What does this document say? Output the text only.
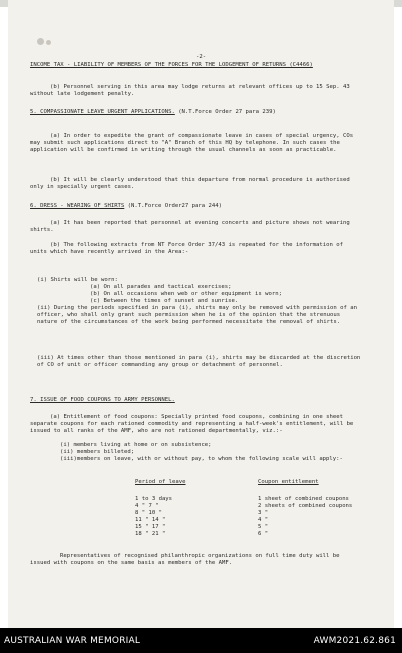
-2-
INCOME TAX - LIABILITY OF MEMBERS OF THE FORCES FOR THE LODGEMENT OF RETURNS (C4466)
(b) Personnel serving in this area may lodge returns at relevant offices up to 15 Sep. 43 without late lodgement penalty.
5. COMPASSIONATE LEAVE URGENT APPLICATIONS. (N.T.Force Order 27 para 239)
(a) In order to expedite the grant of compassionate leave in cases of special urgency, COs may submit such applications direct to "A" Branch of this HQ by telephone. In such cases the application will be confirmed in writing through the usual channels as soon as practicable.
(b) It will be clearly understood that this departure from normal procedure is authorised only in specially urgent cases.
6. DRESS - WEARING OF SHIRTS (N.T.Force Order27 para 244)
(a) It has been reported that personnel at evening concerts and picture shows not wearing shirts.
(b) The following extracts from NT Force Order 37/43 is repeated for the information of units which have recently arrived in the Area:-
(i) Shirts will be worn:
(a) On all parades and tactical exercises;
(b) On all occasions when web or other equipment is worn;
(c) Between the times of sunset and sunrise.
(ii) During the periods specified in para (i), shirts may only be removed with permission of an officer, who shall only grant such permission when he is of the opinion that the strenuous nature of the circumstances of the work being performed necessitate the removal of shirts.
(iii) At times other than those mentioned in para (i), shirts may be discarded at the discretion of CO of unit or officer commanding any group or detachment of personnel.
7. ISSUE OF FOOD COUPONS TO ARMY PERSONNEL.
(a) Entitlement of food coupons: Specially printed food coupons, combining in one sheet separate coupons for each rationed commodity and representing a half-week's entitlement, will be issued to all ranks of the AMF, who are not rationed departmentally, viz.:-
(i) members living at home or on subsistence;
(ii) members billeted;
(iii)members on leave, with or without pay, to whom the following scale will apply:-
Period of leave	Coupon entitlement
1 to 3 days	1 sheet of combined coupons
4 " 7 "	2 sheets of combined coupons
8 " 10 "	3 "
11 " 14 "	4 "
15 " 17 "	5 "
18 " 21 "	6 "
Representatives of recognised philanthropic organizations on full time duty will be issued with coupons on the same basis as members of the AMF.
AUSTRALIAN WAR MEMORIAL	AWM2021.62.861
